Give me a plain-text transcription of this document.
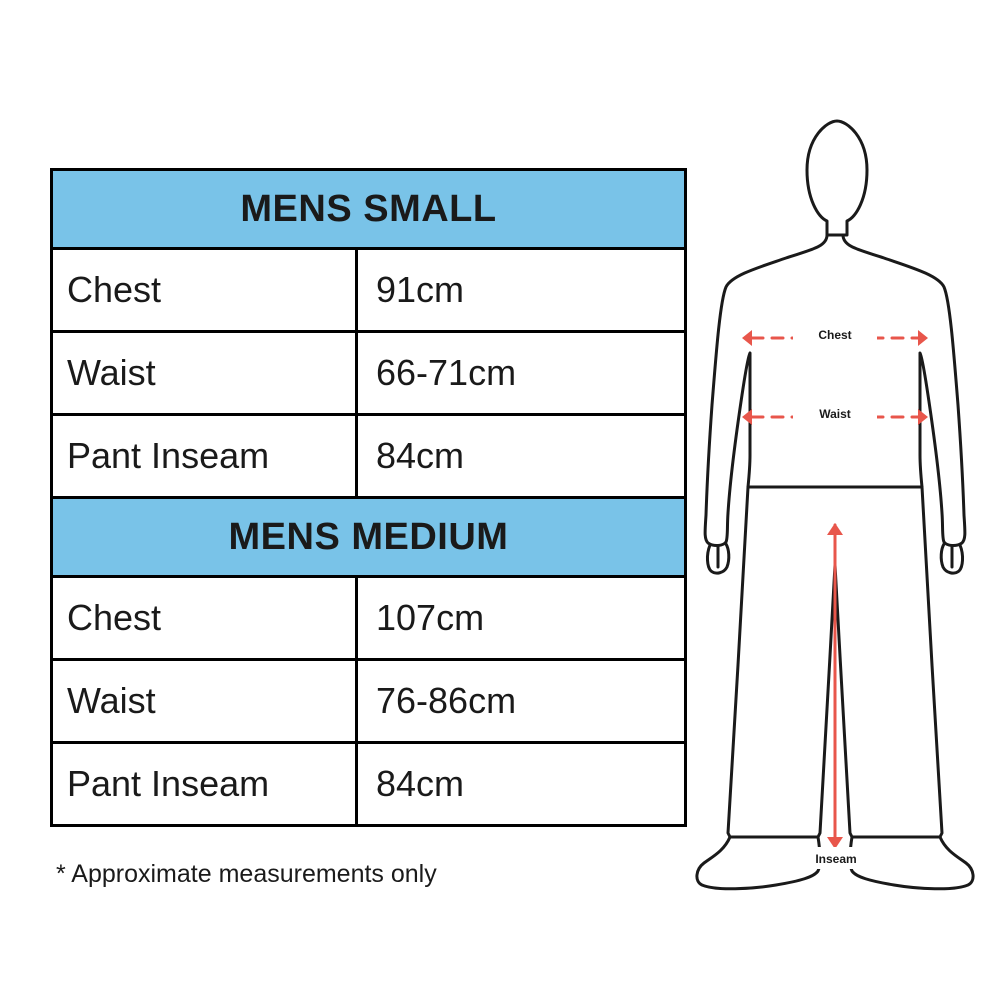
MENS SMALL	
Chest	91cm
Waist	66-71cm
Pant Inseam	84cm
MENS MEDIUM	
Chest	107cm
Waist	76-86cm
Pant Inseam	84cm
* Approximate measurements only
Chest
Waist
Inseam
